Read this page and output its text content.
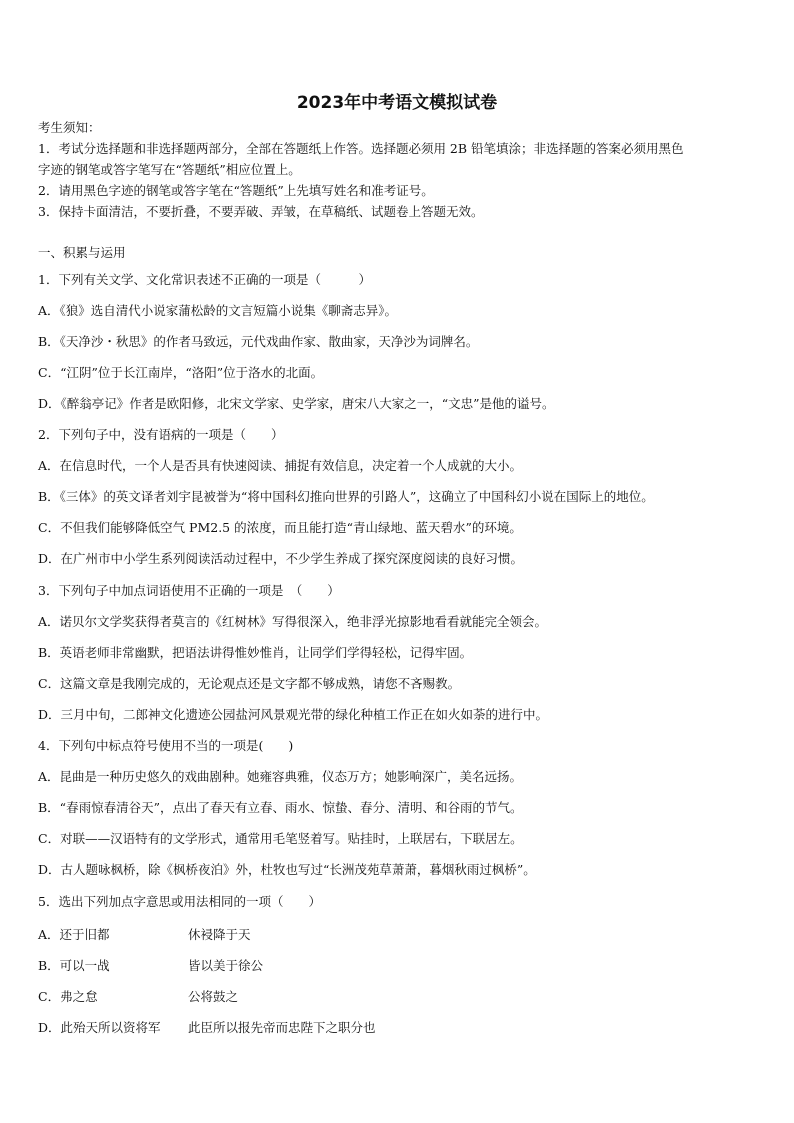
2023年中考语文模拟试卷
考生须知：
1．考试分选择题和非选择题两部分，全部在答题纸上作答。选择题必须用 2B 铅笔填涂；非选择题的答案必须用黑色
字迹的钢笔或答字笔写在“答题纸”相应位置上。
2．请用黑色字迹的钢笔或答字笔在“答题纸”上先填写姓名和准考证号。
3．保持卡面清洁，不要折叠，不要弄破、弄皱，在草稿纸、试题卷上答题无效。
一、积累与运用
1．下列有关文学、文化常识表述不正确的一项是（　　　）
A．《狼》选自清代小说家蒲松龄的文言短篇小说集《聊斋志异》。
B．《天净沙・秋思》的作者马致远，元代戏曲作家、散曲家，天净沙为词牌名。
C．“江阴”位于长江南岸，“洛阳”位于洛水的北面。
D．《醉翁亭记》作者是欧阳修，北宋文学家、史学家，唐宋八大家之一，“文忠”是他的谥号。
2．下列句子中，没有语病的一项是（　　）
A．在信息时代，一个人是否具有快速阅读、捕捉有效信息，决定着一个人成就的大小。
B．《三体》的英文译者刘宇昆被誉为“将中国科幻推向世界的引路人”，这确立了中国科幻小说在国际上的地位。
C．不但我们能够降低空气 PM2.5 的浓度，而且能打造“青山绿地、蓝天碧水”的环境。
D．在广州市中小学生系列阅读活动过程中，不少学生养成了探究深度阅读的良好习惯。
3．下列句子中加点词语使用不正确的一项是　（　　）
A．诺贝尔文学奖获得者莫言的《红树林》写得很深入，绝非浮光掠影地看看就能完全领会。
B．英语老师非常幽默，把语法讲得惟妙惟肖，让同学们学得轻松，记得牢固。
C．这篇文章是我刚完成的，无论观点还是文字都不够成熟，请您不吝赐教。
D．三月中旬，二郎神文化遗迹公园盐河风景观光带的绿化种植工作正在如火如荼的进行中。
4．下列句中标点符号使用不当的一项是(　　)
A．昆曲是一种历史悠久的戏曲剧种。她雍容典雅，仪态万方；她影响深广，美名远扬。
B．“春雨惊春清谷天”，点出了春天有立春、雨水、惊蛰、春分、清明、和谷雨的节气。
C．对联——汉语特有的文学形式，通常用毛笔竖着写。贴挂时，上联居右，下联居左。
D．古人题咏枫桥，除《枫桥夜泊》外，杜牧也写过“长洲茂苑草萧萧，暮烟秋雨过枫桥”。
5．选出下列加点字意思或用法相同的一项（　　）
A．还于旧都	休祲降于天
B．可以一战	皆以美于徐公
C．弗之怠	公将鼓之
D．此殆天所以资将军 此臣所以报先帝而忠陛下之职分也
